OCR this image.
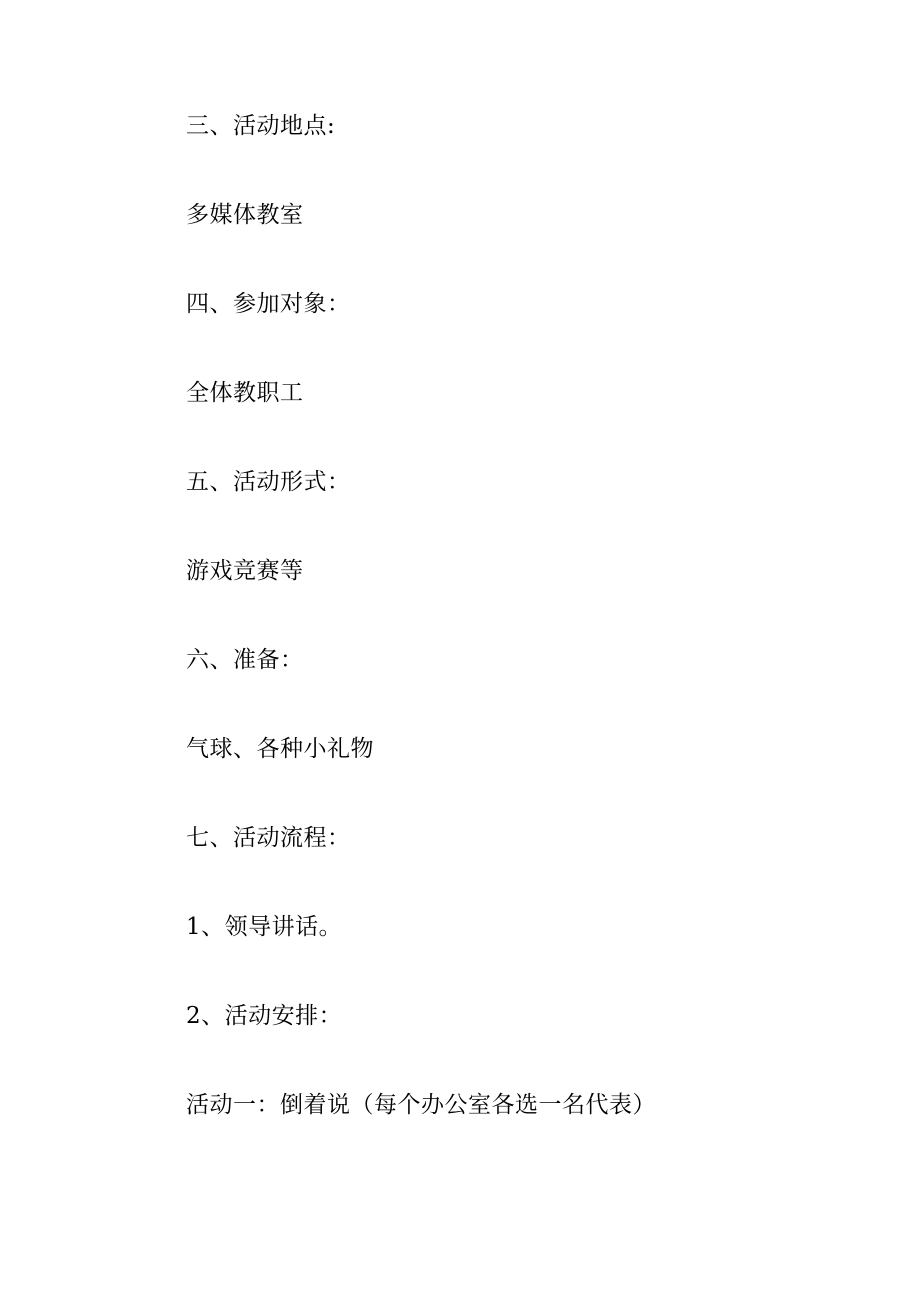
三、活动地点:

多媒体教室

四、参加对象：

全体教职工

五、活动形式：

游戏竞赛等

六、准备：

气球、各种小礼物

七、活动流程：

1、领导讲话。

2、活动安排：

活动一：倒着说（每个办公室各选一名代表）
